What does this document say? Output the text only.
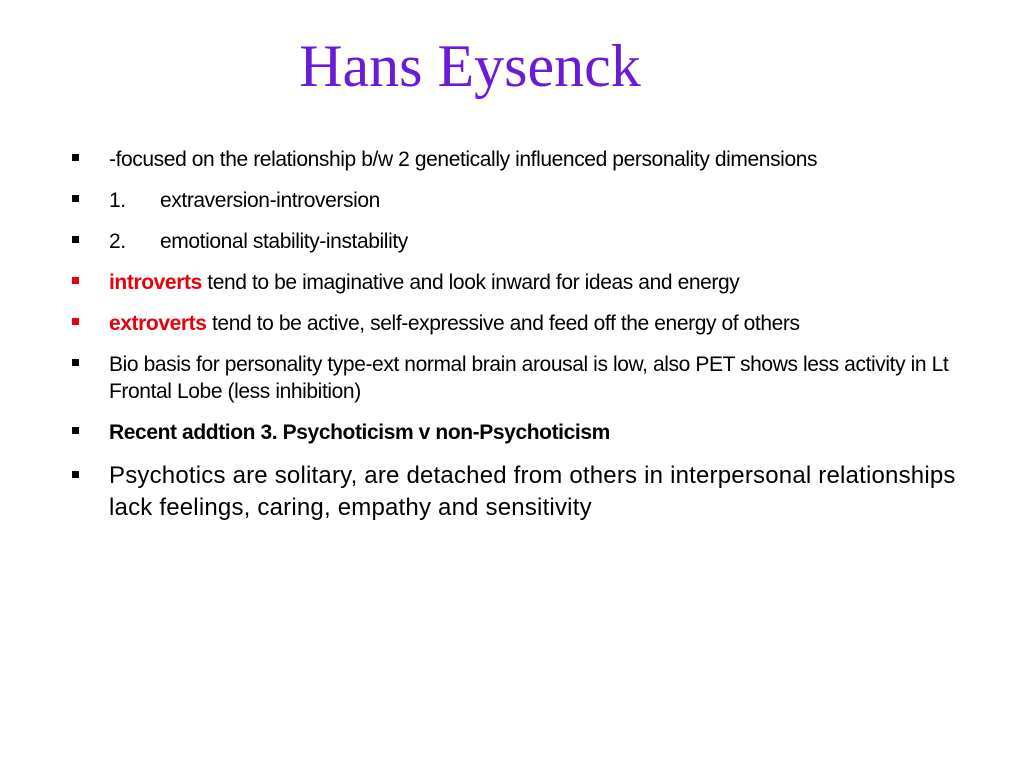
Hans Eysenck
-focused on the relationship b/w 2 genetically influenced personality dimensions
1. extraversion-introversion
2. emotional stability-instability
introverts tend to be imaginative and look inward for ideas and energy
extroverts tend to be active, self-expressive and feed off the energy of others
Bio basis for personality type-ext normal brain arousal is low, also PET shows less activity in Lt Frontal Lobe (less inhibition)
Recent addtion 3. Psychoticism v non-Psychoticism
Psychotics are solitary, are detached from others in interpersonal relationships lack feelings, caring, empathy and sensitivity
